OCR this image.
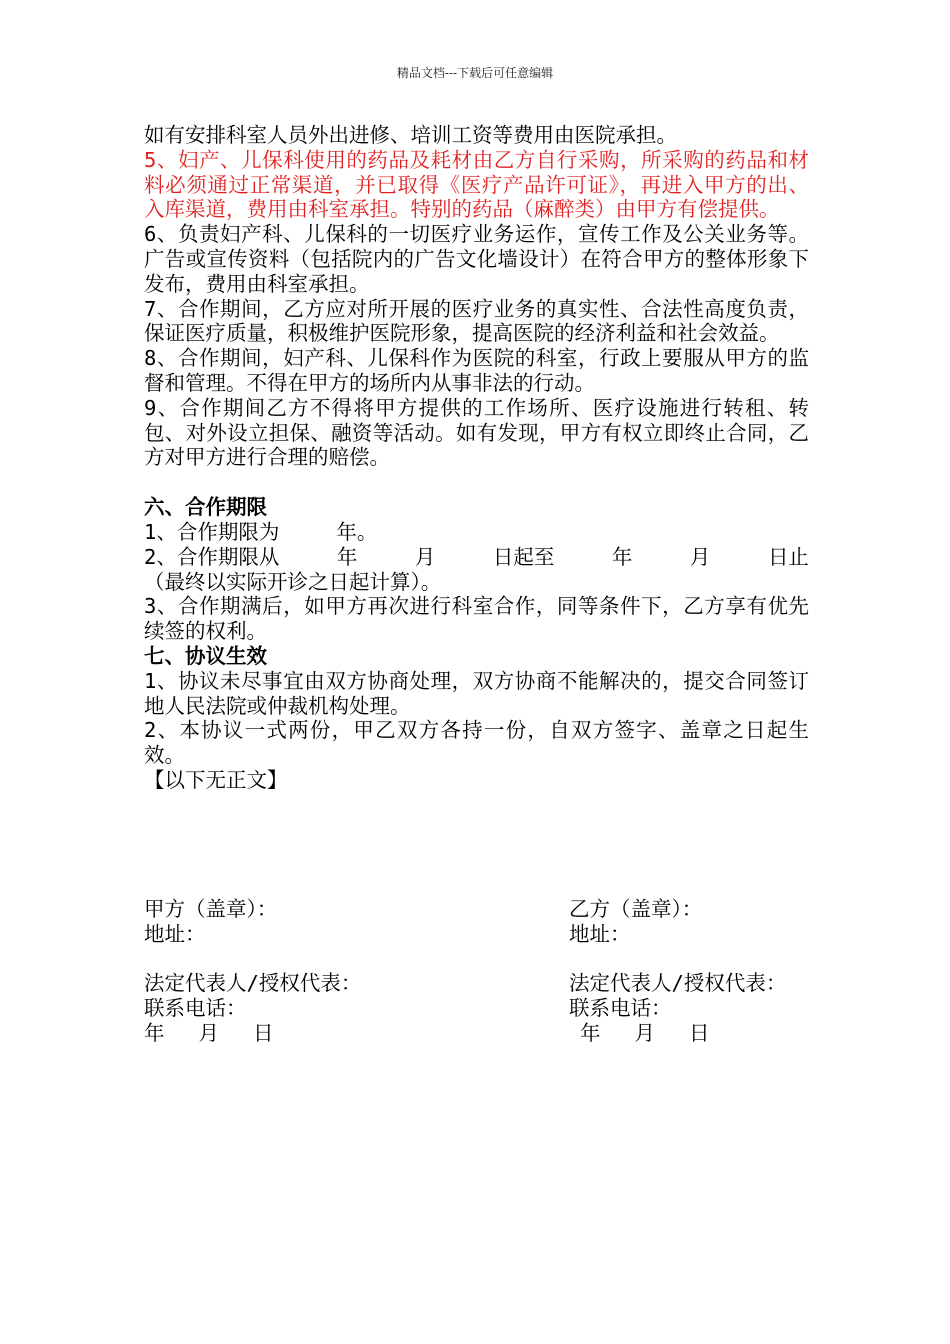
精品文档---下载后可任意编辑

如有安排科室人员外出进修、培训工资等费用由医院承担。

5、妇产、儿保科使用的药品及耗材由乙方自行采购，所采购的药品和材料必须通过正常渠道，并已取得《医疗产品许可证》，再进入甲方的出、入库渠道，费用由科室承担。特别的药品（麻醉类）由甲方有偿提供。

6、负责妇产科、儿保科的一切医疗业务运作，宣传工作及公关业务等。广告或宣传资料（包括院内的广告文化墙设计）在符合甲方的整体形象下发布，费用由科室承担。

7、合作期间，乙方应对所开展的医疗业务的真实性、合法性高度负责，保证医疗质量，积极维护医院形象，提高医院的经济利益和社会效益。

8、合作期间，妇产科、儿保科作为医院的科室，行政上要服从甲方的监督和管理。不得在甲方的场所内从事非法的行动。

9、合作期间乙方不得将甲方提供的工作场所、医疗设施进行转租、转包、对外设立担保、融资等活动。如有发现，甲方有权立即终止合同，乙方对甲方进行合理的赔偿。

六、合作期限

1、合作期限为	年。

2、合作期限从	年	月	日起至	年	月	日止

（最终以实际开诊之日起计算）。

3、合作期满后，如甲方再次进行科室合作，同等条件下，乙方享有优先续签的权利。

七、协议生效

1、协议未尽事宜由双方协商处理，双方协商不能解决的，提交合同签订地人民法院或仲裁机构处理。

2、本协议一式两份，甲乙双方各持一份，自双方签字、盖章之日起生效。

【以下无正文】

甲方（盖章）：	乙方（盖章）：
地址：	地址：
法定代表人/授权代表：	法定代表人/授权代表：
联系电话：	联系电话：
年 月 日	年 月 日
